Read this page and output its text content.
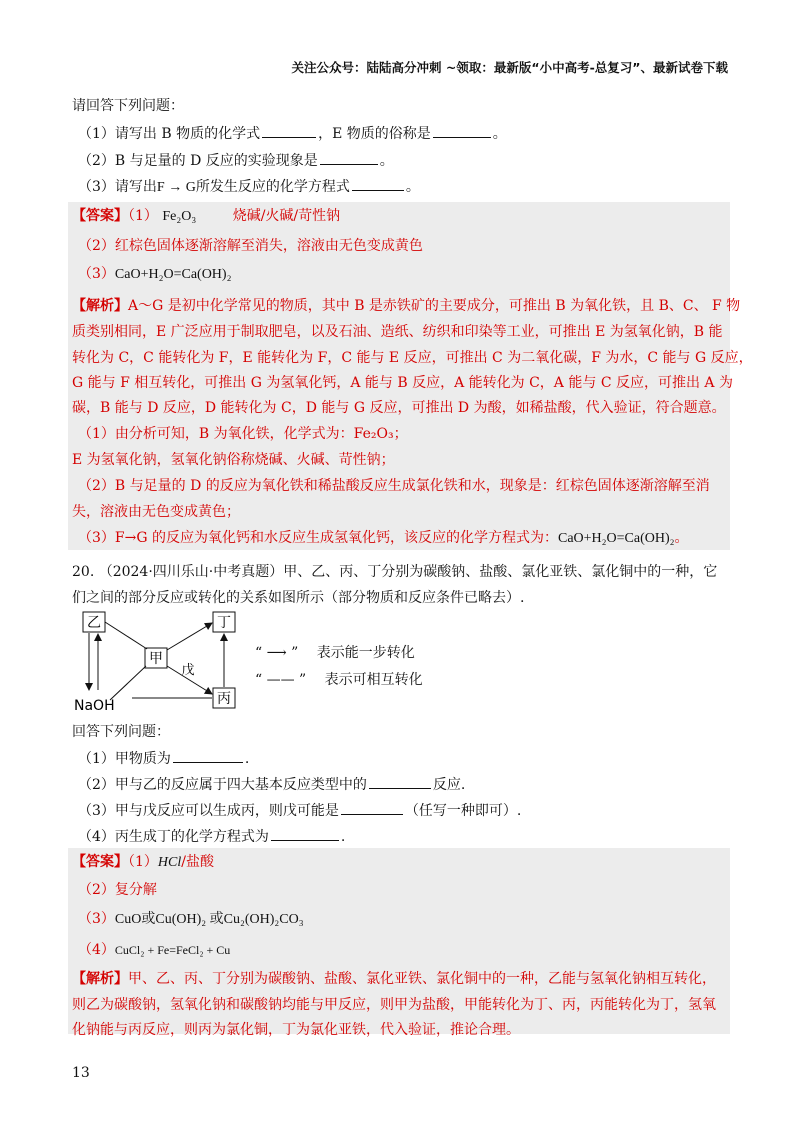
关注公众号：陆陆高分冲刺 ~领取：最新版“小中高考-总复习”、最新试卷下载
请回答下列问题：
（1）请写出 B 物质的化学式	，E 物质的俗称是	。
（2）B 与足量的 D 反应的实验现象是	。
（3）请写出F → G所发生反应的化学方程式	。
【答案】（1） Fe₂O₃	烧碱/火碱/苛性钠
（2）红棕色固体逐渐溶解至消失，溶液由无色变成黄色
（3）CaO+H₂O=Ca(OH)₂
【解析】A～G 是初中化学常见的物质，其中 B 是赤铁矿的主要成分，可推出 B 为氧化铁，且 B、C、 F 物
质类别相同，E 广泛应用于制取肥皂，以及石油、造纸、纺织和印染等工业，可推出 E 为氢氧化钠，B 能
转化为 C，C 能转化为 F，E 能转化为 F，C 能与 E 反应，可推出 C 为二氧化碳，F 为水，C 能与 G 反应，
G 能与 F 相互转化，可推出 G 为氢氧化钙，A 能与 B 反应，A 能转化为 C，A 能与 C 反应，可推出 A 为
碳，B 能与 D 反应，D 能转化为 C，D 能与 G 反应，可推出 D 为酸，如稀盐酸，代入验证，符合题意。
（1）由分析可知，B 为氧化铁，化学式为：Fe₂O₃；
E 为氢氧化钠，氢氧化钠俗称烧碱、火碱、苛性钠；
（2）B 与足量的 D 的反应为氧化铁和稀盐酸反应生成氯化铁和水，现象是：红棕色固体逐渐溶解至消
失，溶液由无色变成黄色；
（3）F→G 的反应为氧化钙和水反应生成氢氧化钙，该反应的化学方程式为：CaO+H₂O=Ca(OH)₂。
20. （2024·四川乐山·中考真题）甲、乙、丙、丁分别为碳酸钠、盐酸、氯化亚铁、氯化铜中的一种，它
们之间的部分反应或转化的关系如图所示（部分物质和反应条件已略去）.
乙	丁
甲
丙
戊
NaOH
“ ⟶ ” 表示能一步转化
“ —— ” 表示可相互转化
回答下列问题：
（1）甲物质为	.
（2）甲与乙的反应属于四大基本反应类型中的	反应.
（3）甲与戊反应可以生成丙，则戊可能是	（任写一种即可）.
（4）丙生成丁的化学方程式为	.
【答案】（1）HCl/盐酸
（2）复分解
（3）CuO或Cu(OH)₂ 或Cu₂(OH)₂CO₃
（4）CuCl₂ + Fe=FeCl₂ + Cu
【解析】甲、乙、丙、丁分别为碳酸钠、盐酸、氯化亚铁、氯化铜中的一种，乙能与氢氧化钠相互转化，
则乙为碳酸钠，氢氧化钠和碳酸钠均能与甲反应，则甲为盐酸，甲能转化为丁、丙，丙能转化为丁，氢氧
化钠能与丙反应，则丙为氯化铜，丁为氯化亚铁，代入验证，推论合理。
13
